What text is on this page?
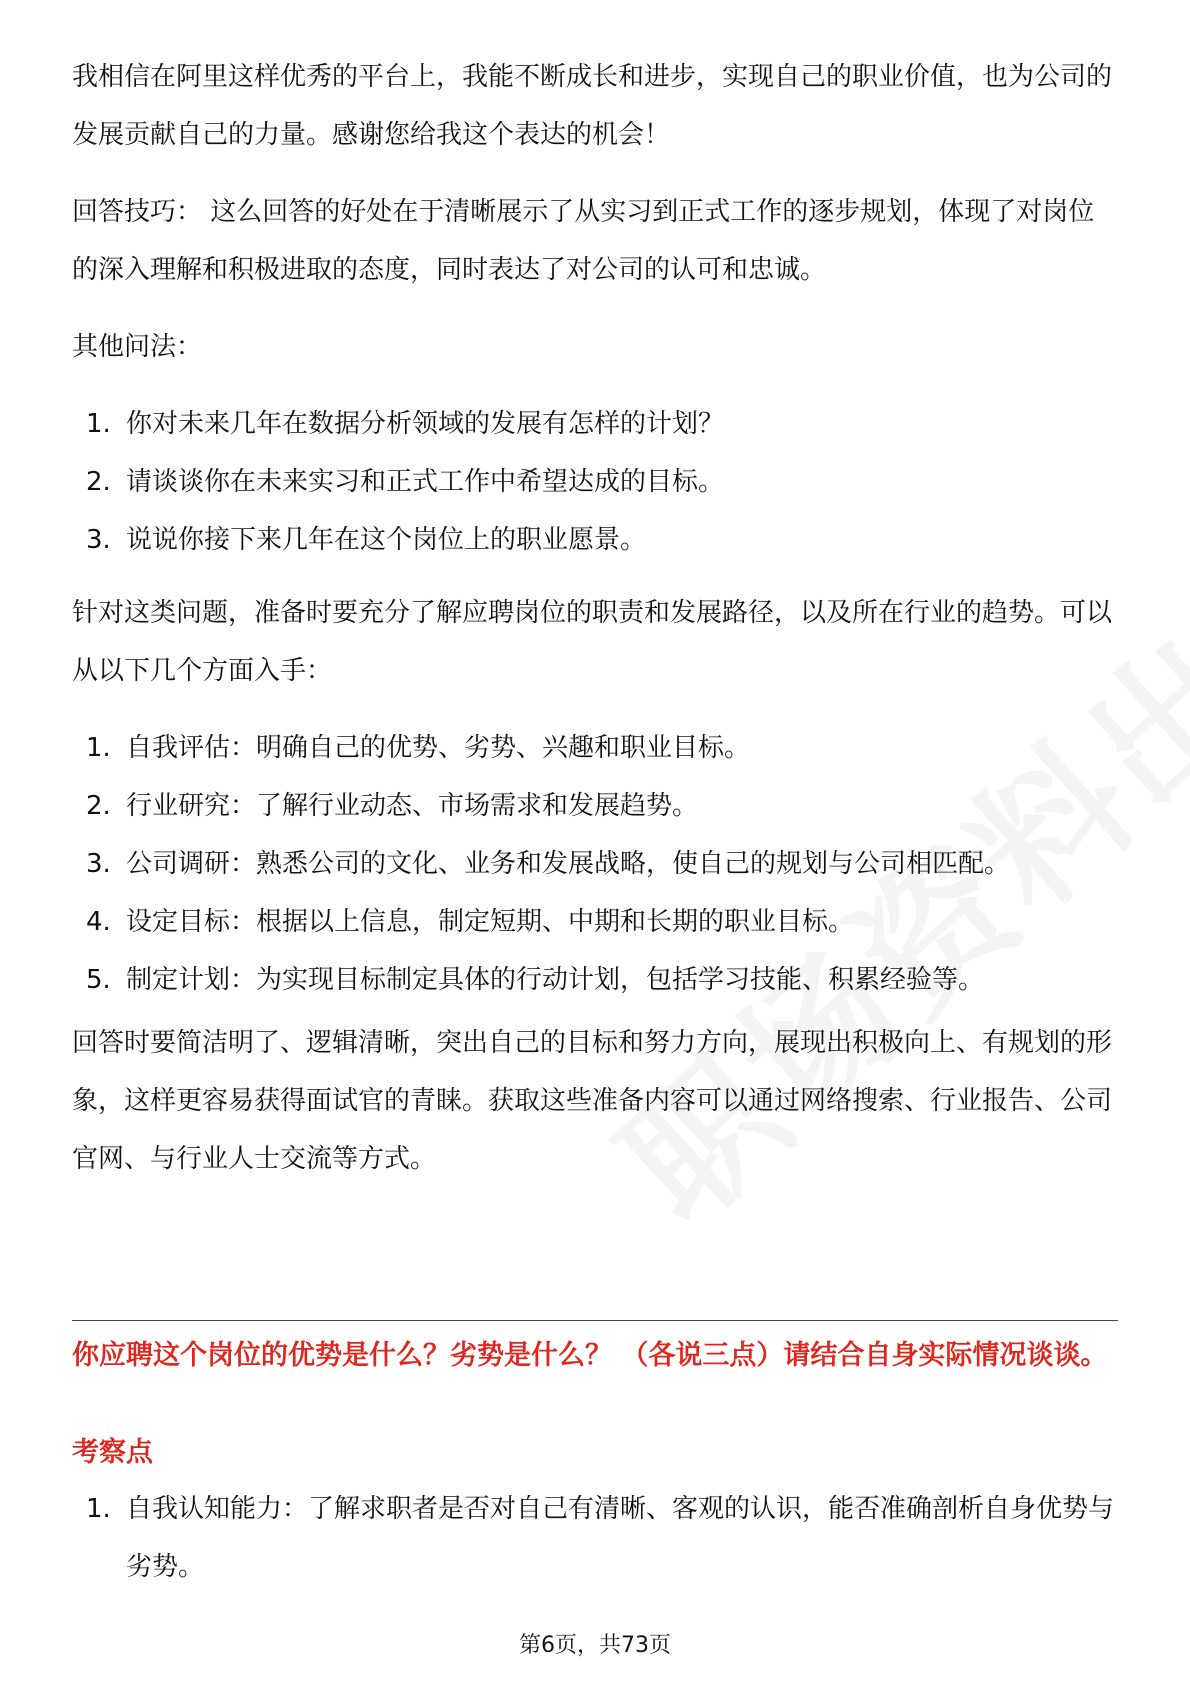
我相信在阿里这样优秀的平台上，我能不断成长和进步，实现自己的职业价值，也为公司的发展贡献自己的力量。感谢您给我这个表达的机会！

回答技巧： 这么回答的好处在于清晰展示了从实习到正式工作的逐步规划，体现了对岗位的深入理解和积极进取的态度，同时表达了对公司的认可和忠诚。

其他问法：

1. 你对未来几年在数据分析领域的发展有怎样的计划？
2. 请谈谈你在未来实习和正式工作中希望达成的目标。
3. 说说你接下来几年在这个岗位上的职业愿景。

针对这类问题，准备时要充分了解应聘岗位的职责和发展路径，以及所在行业的趋势。可以从以下几个方面入手：

1. 自我评估：明确自己的优势、劣势、兴趣和职业目标。
2. 行业研究：了解行业动态、市场需求和发展趋势。
3. 公司调研：熟悉公司的文化、业务和发展战略，使自己的规划与公司相匹配。
4. 设定目标：根据以上信息，制定短期、中期和长期的职业目标。
5. 制定计划：为实现目标制定具体的行动计划，包括学习技能、积累经验等。

回答时要简洁明了、逻辑清晰，突出自己的目标和努力方向，展现出积极向上、有规划的形象，这样更容易获得面试官的青睐。获取这些准备内容可以通过网络搜索、行业报告、公司官网、与行业人士交流等方式。

你应聘这个岗位的优势是什么？劣势是什么？ （各说三点）请结合自身实际情况谈谈。

考察点

1. 自我认知能力：了解求职者是否对自己有清晰、客观的认识，能否准确剖析自身优势与劣势。
第6页，共73页
